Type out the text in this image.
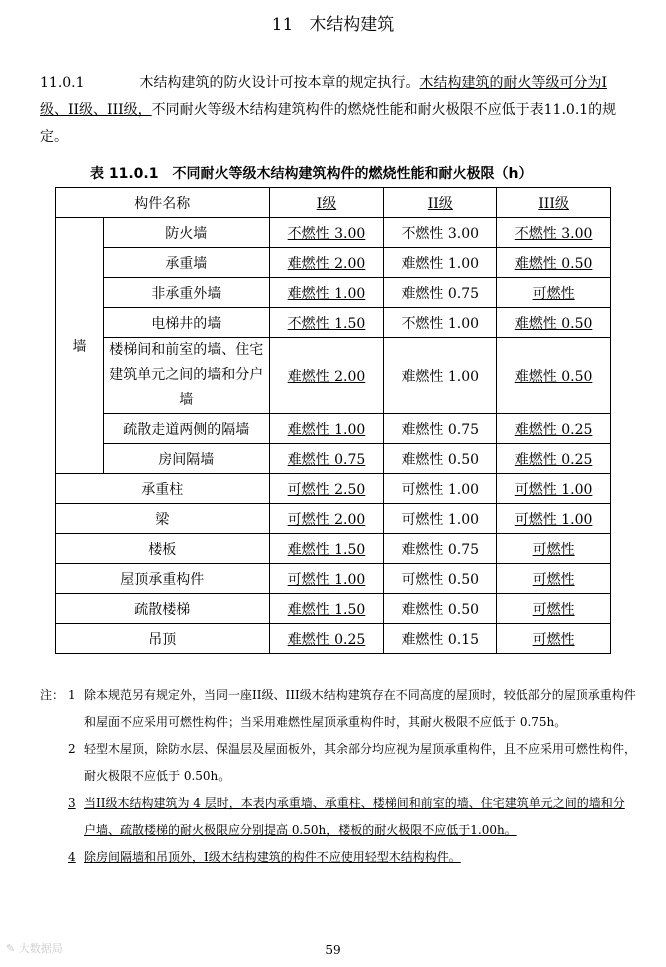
11 木结构建筑
11.0.1	木结构建筑的防火设计可按本章的规定执行。木结构建筑的耐火等级可分为I级、II级、III级，不同耐火等级木结构建筑构件的燃烧性能和耐火极限不应低于表11.0.1的规定。
表 11.0.1 不同耐火等级木结构建筑构件的燃烧性能和耐火极限（h）
构件名称		I级	II级	III级
墙	防火墙	不燃性 3.00	不燃性 3.00	不燃性 3.00
	承重墙	难燃性 2.00	难燃性 1.00	难燃性 0.50
	非承重外墙	难燃性 1.00	难燃性 0.75	可燃性
	电梯井的墙	不燃性 1.50	不燃性 1.00	难燃性 0.50
	楼梯间和前室的墙、住宅建筑单元之间的墙和分户墙	难燃性 2.00	难燃性 1.00	难燃性 0.50
	疏散走道两侧的隔墙	难燃性 1.00	难燃性 0.75	难燃性 0.25
	房间隔墙	难燃性 0.75	难燃性 0.50	难燃性 0.25
承重柱		可燃性 2.50	可燃性 1.00	可燃性 1.00
梁		可燃性 2.00	可燃性 1.00	可燃性 1.00
楼板		难燃性 1.50	难燃性 0.75	可燃性
屋顶承重构件		可燃性 1.00	可燃性 0.50	可燃性
疏散楼梯		难燃性 1.50	难燃性 0.50	可燃性
吊顶		难燃性 0.25	难燃性 0.15	可燃性
注： 1 除本规范另有规定外，当同一座II级、III级木结构建筑存在不同高度的屋顶时，较低部分的屋顶承重构件和屋面不应采用可燃性构件；当采用难燃性屋顶承重构件时，其耐火极限不应低于 0.75h。
2 轻型木屋顶，除防水层、保温层及屋面板外，其余部分均应视为屋顶承重构件，且不应采用可燃性构件，耐火极限不应低于 0.50h。
3 当II级木结构建筑为 4 层时，本表内承重墙、承重柱、楼梯间和前室的墙、住宅建筑单元之间的墙和分户墙、疏散楼梯的耐火极限应分别提高 0.50h，楼板的耐火极限不应低于1.00h。
4 除房间隔墙和吊顶外，I级木结构建筑的构件不应使用轻型木结构构件。
59
✎ 大数据局
